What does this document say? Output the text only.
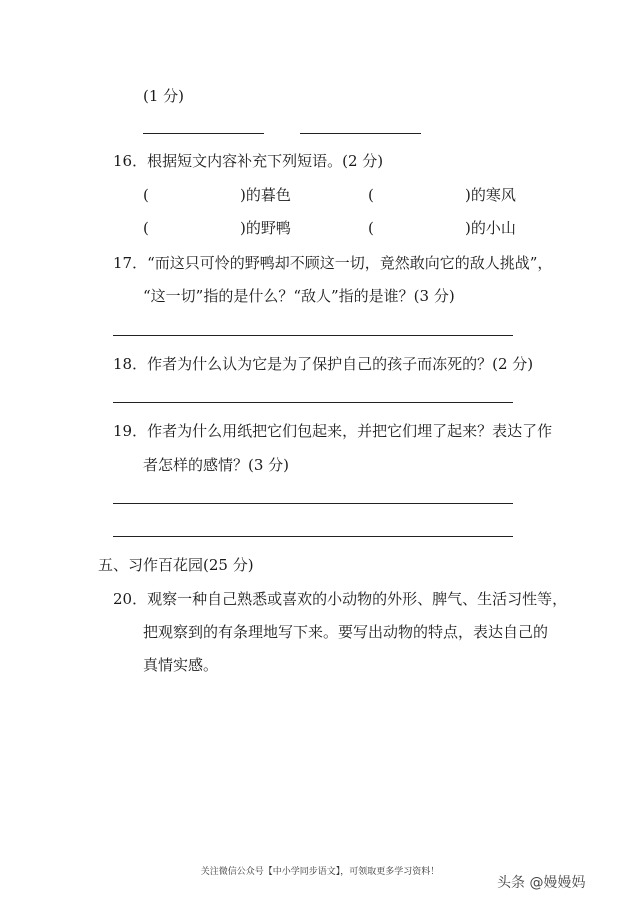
(1 分)
16．根据短文内容补充下列短语。(2 分)
(	)的暮色	(	)的寒风
(	)的野鸭	(	)的小山
17．“而这只可怜的野鸭却不顾这一切，竟然敢向它的敌人挑战”，
“这一切”指的是什么？“敌人”指的是谁？(3 分)
18．作者为什么认为它是为了保护自己的孩子而冻死的？(2 分)
19．作者为什么用纸把它们包起来，并把它们埋了起来？表达了作
者怎样的感情？(3 分)
五、习作百花园(25 分)
20．观察一种自己熟悉或喜欢的小动物的外形、脾气、生活习性等，
把观察到的有条理地写下来。要写出动物的特点，表达自己的
真情实感。
关注微信公众号【中小学同步语文】，可领取更多学习资料！
头条 @嫚嫚妈
